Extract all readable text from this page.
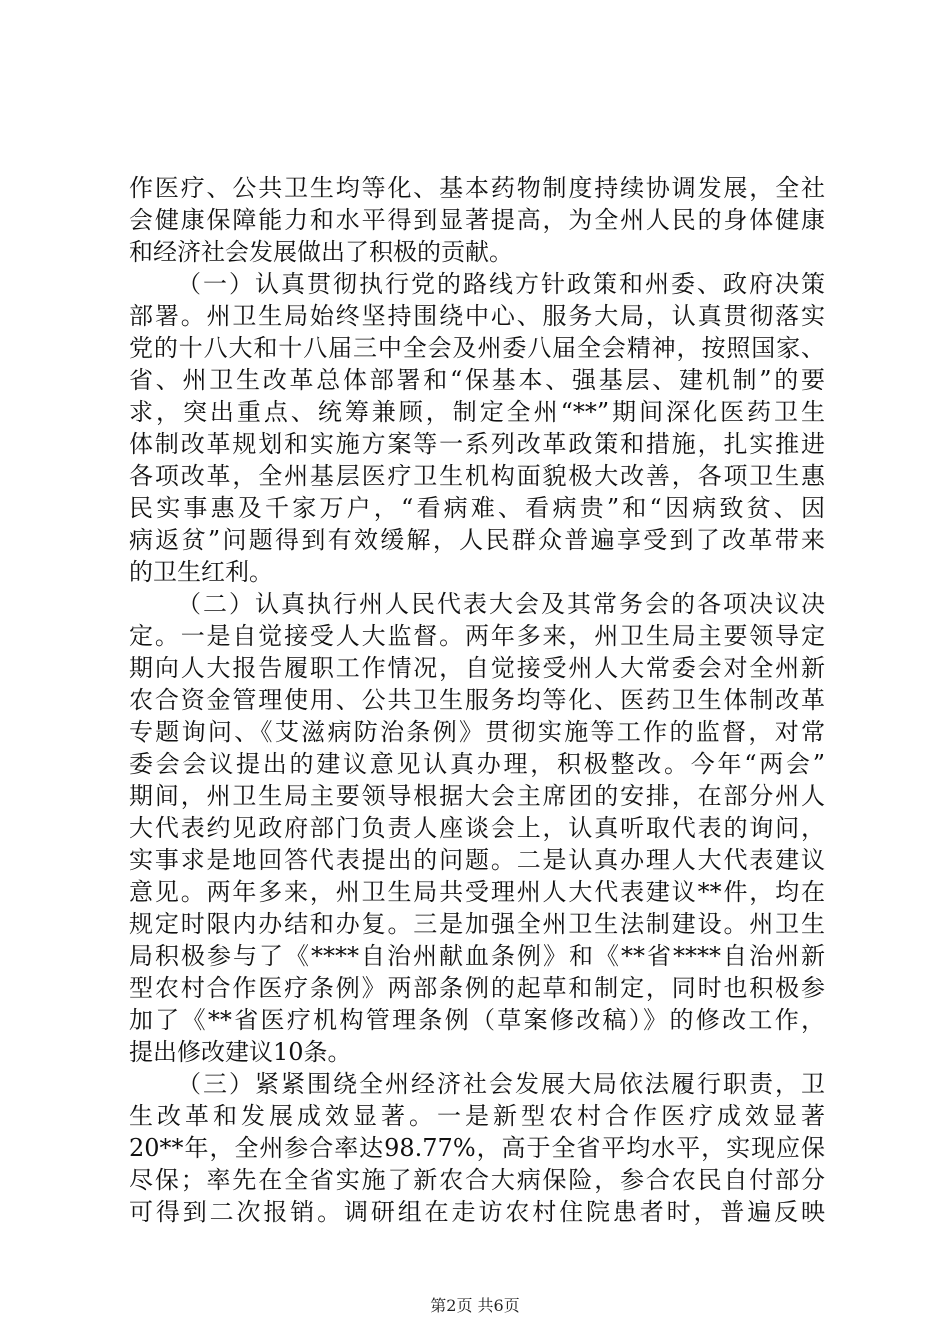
作医疗、公共卫生均等化、基本药物制度持续协调发展，全社
会健康保障能力和水平得到显著提高，为全州人民的身体健康
和经济社会发展做出了积极的贡献。
（一）认真贯彻执行党的路线方针政策和州委、政府决策
部署。州卫生局始终坚持围绕中心、服务大局，认真贯彻落实
党的十八大和十八届三中全会及州委八届全会精神，按照国家、
省、州卫生改革总体部署和“保基本、强基层、建机制”的要
求，突出重点、统筹兼顾，制定全州“**”期间深化医药卫生
体制改革规划和实施方案等一系列改革政策和措施，扎实推进
各项改革，全州基层医疗卫生机构面貌极大改善，各项卫生惠
民实事惠及千家万户，“看病难、看病贵”和“因病致贫、因
病返贫”问题得到有效缓解，人民群众普遍享受到了改革带来
的卫生红利。
（二）认真执行州人民代表大会及其常务会的各项决议决
定。一是自觉接受人大监督。两年多来，州卫生局主要领导定
期向人大报告履职工作情况，自觉接受州人大常委会对全州新
农合资金管理使用、公共卫生服务均等化、医药卫生体制改革
专题询问、《艾滋病防治条例》贯彻实施等工作的监督，对常
委会会议提出的建议意见认真办理，积极整改。今年“两会”
期间，州卫生局主要领导根据大会主席团的安排，在部分州人
大代表约见政府部门负责人座谈会上，认真听取代表的询问，
实事求是地回答代表提出的问题。二是认真办理人大代表建议
意见。两年多来，州卫生局共受理州人大代表建议**件，均在
规定时限内办结和办复。三是加强全州卫生法制建设。州卫生
局积极参与了《****自治州献血条例》和《**省****自治州新
型农村合作医疗条例》两部条例的起草和制定，同时也积极参
加了《**省医疗机构管理条例（草案修改稿）》的修改工作，
提出修改建议10条。
（三）紧紧围绕全州经济社会发展大局依法履行职责，卫
生改革和发展成效显著。一是新型农村合作医疗成效显著
20**年，全州参合率达98.77%，高于全省平均水平，实现应保
尽保；率先在全省实施了新农合大病保险，参合农民自付部分
可得到二次报销。调研组在走访农村住院患者时，普遍反映
第2页 共6页
